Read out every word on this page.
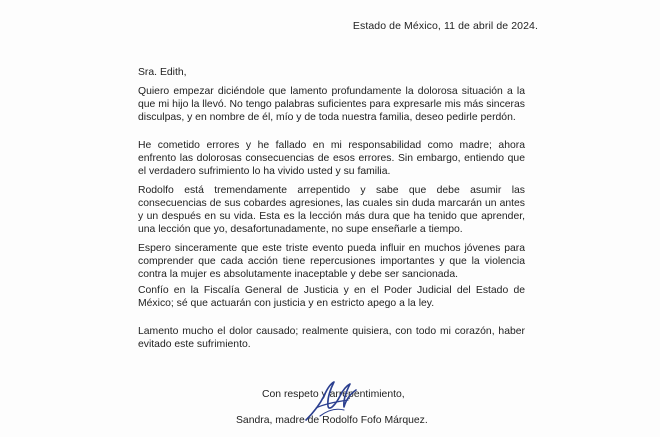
Estado de México, 11 de abril de 2024.
Sra. Edith,
Quiero empezar diciéndole que lamento profundamente la dolorosa situación a la que mi hijo la llevó. No tengo palabras suficientes para expresarle mis más sinceras disculpas, y en nombre de él, mío y de toda nuestra familia, deseo pedirle perdón.
He cometido errores y he fallado en mi responsabilidad como madre; ahora enfrento las dolorosas consecuencias de esos errores. Sin embargo, entiendo que el verdadero sufrimiento lo ha vivido usted y su familia.
Rodolfo está tremendamente arrepentido y sabe que debe asumir las consecuencias de sus cobardes agresiones, las cuales sin duda marcarán un antes y un después en su vida. Esta es la lección más dura que ha tenido que aprender, una lección que yo, desafortunadamente, no supe enseñarle a tiempo.
Espero sinceramente que este triste evento pueda influir en muchos jóvenes para comprender que cada acción tiene repercusiones importantes y que la violencia contra la mujer es absolutamente inaceptable y debe ser sancionada.
Confío en la Fiscalía General de Justicia y en el Poder Judicial del Estado de México; sé que actuarán con justicia y en estricto apego a la ley.
Lamento mucho el dolor causado; realmente quisiera, con todo mi corazón, haber evitado este sufrimiento.
Con respeto y arrepentimiento,
Sandra, madre de Rodolfo Fofo Márquez.
